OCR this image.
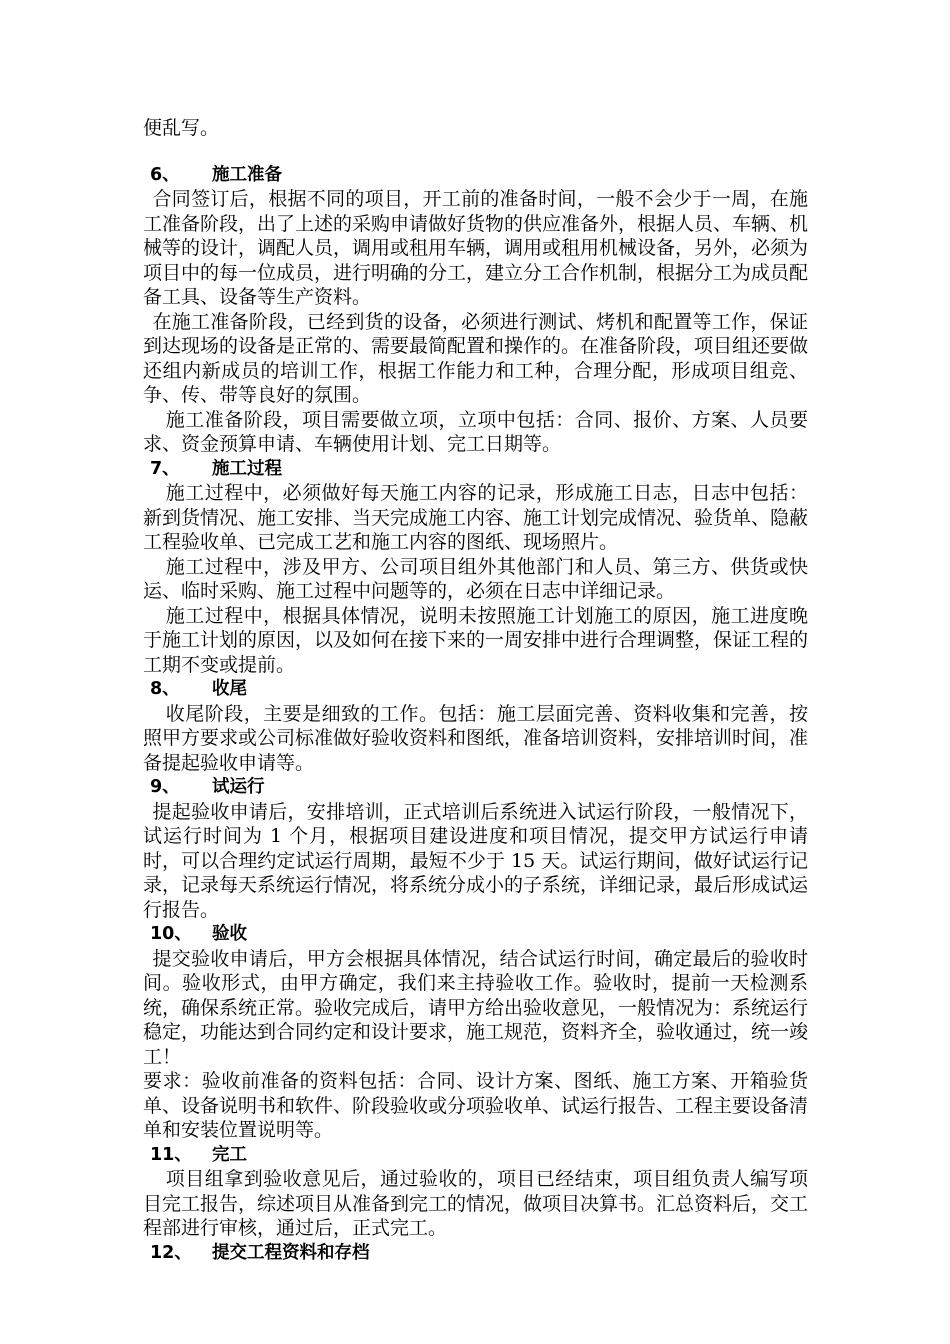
便乱写。

6、	施工准备

合同签订后，根据不同的项目，开工前的准备时间，一般不会少于一周，在施工准备阶段，出了上述的采购申请做好货物的供应准备外，根据人员、车辆、机械等的设计，调配人员，调用或租用车辆，调用或租用机械设备，另外，必须为项目中的每一位成员，进行明确的分工，建立分工合作机制，根据分工为成员配备工具、设备等生产资料。

在施工准备阶段，已经到货的设备，必须进行测试、烤机和配置等工作，保证到达现场的设备是正常的、需要最简配置和操作的。在准备阶段，项目组还要做还组内新成员的培训工作，根据工作能力和工种，合理分配，形成项目组竞、争、传、带等良好的氛围。

施工准备阶段，项目需要做立项，立项中包括：合同、报价、方案、人员要求、资金预算申请、车辆使用计划、完工日期等。

7、	施工过程

施工过程中，必须做好每天施工内容的记录，形成施工日志，日志中包括：新到货情况、施工安排、当天完成施工内容、施工计划完成情况、验货单、隐蔽工程验收单、已完成工艺和施工内容的图纸、现场照片。

施工过程中，涉及甲方、公司项目组外其他部门和人员、第三方、供货或快运、临时采购、施工过程中问题等的，必须在日志中详细记录。

施工过程中，根据具体情况，说明未按照施工计划施工的原因，施工进度晚于施工计划的原因，以及如何在接下来的一周安排中进行合理调整，保证工程的工期不变或提前。

8、	收尾

收尾阶段，主要是细致的工作。包括：施工层面完善、资料收集和完善，按照甲方要求或公司标准做好验收资料和图纸，准备培训资料，安排培训时间，准备提起验收申请等。

9、	试运行

提起验收申请后，安排培训，正式培训后系统进入试运行阶段，一般情况下，试运行时间为 1 个月，根据项目建设进度和项目情况，提交甲方试运行申请时，可以合理约定试运行周期，最短不少于 15 天。试运行期间，做好试运行记录，记录每天系统运行情况，将系统分成小的子系统，详细记录，最后形成试运行报告。

10、	验收

提交验收申请后，甲方会根据具体情况，结合试运行时间，确定最后的验收时间。验收形式，由甲方确定，我们来主持验收工作。验收时，提前一天检测系统，确保系统正常。验收完成后，请甲方给出验收意见，一般情况为：系统运行稳定，功能达到合同约定和设计要求，施工规范，资料齐全，验收通过，统一竣工！

要求：验收前准备的资料包括：合同、设计方案、图纸、施工方案、开箱验货单、设备说明书和软件、阶段验收或分项验收单、试运行报告、工程主要设备清单和安装位置说明等。

11、	完工

项目组拿到验收意见后，通过验收的，项目已经结束，项目组负责人编写项目完工报告，综述项目从准备到完工的情况，做项目决算书。汇总资料后，交工程部进行审核，通过后，正式完工。

12、	提交工程资料和存档
